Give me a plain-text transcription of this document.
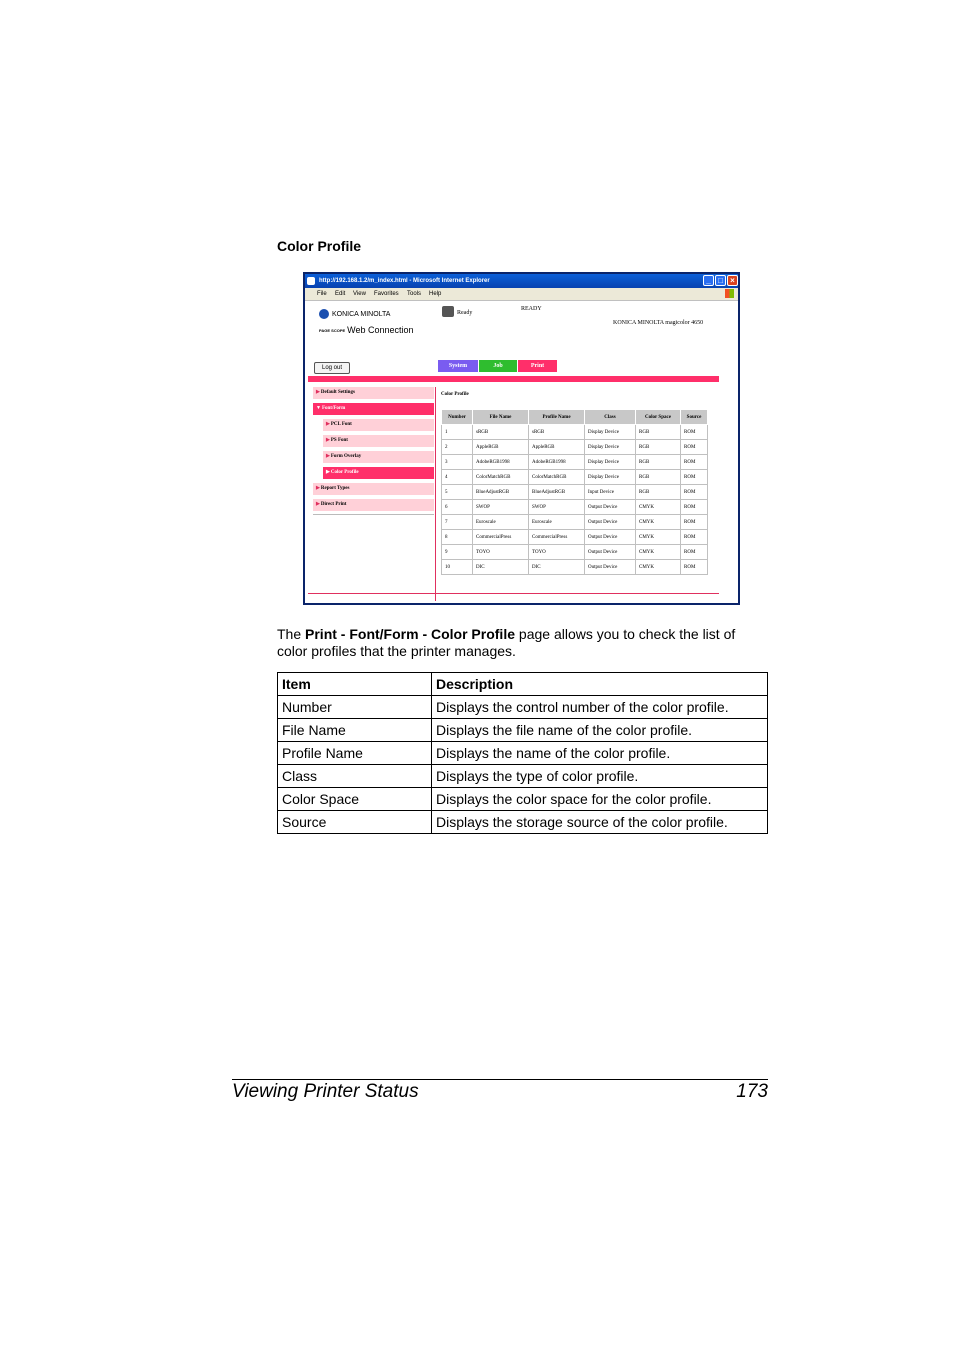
Color Profile
http://192.168.1.2/m_index.html - Microsoft Internet Explorer	_ □ ×
File Edit View Favorites Tools Help
KONICA MINOLTA
PAGE SCOPE Web Connection
Ready
READY
KONICA MINOLTA magicolor 4650
Log out	System	Job	Print
▶Default Settings
▼Font/Form
▶PCL Font
▶PS Font
▶Form Overlay
▶Color Profile
▶Report Types
▶Direct Print
Color Profile
Number	File Name	Profile Name	Class	Color Space	Source
1	sRGB	sRGB	Display Device	RGB	ROM
2	AppleRGB	AppleRGB	Display Device	RGB	ROM
3	AdobeRGB1998	AdobeRGB1998	Display Device	RGB	ROM
4	ColorMatchRGB	ColorMatchRGB	Display Device	RGB	ROM
5	BlueAdjustRGB	BlueAdjustRGB	Input Device	RGB	ROM
6	SWOP	SWOP	Output Device	CMYK	ROM
7	Euroscale	Euroscale	Output Device	CMYK	ROM
8	CommercialPress	CommercialPress	Output Device	CMYK	ROM
9	TOYO	TOYO	Output Device	CMYK	ROM
10	DIC	DIC	Output Device	CMYK	ROM
The Print - Font/Form - Color Profile page allows you to check the list of color profiles that the printer manages.
Item	Description
Number	Displays the control number of the color profile.
File Name	Displays the file name of the color profile.
Profile Name	Displays the name of the color profile.
Class	Displays the type of color profile.
Color Space	Displays the color space for the color profile.
Source	Displays the storage source of the color profile.
Viewing Printer Status	173
